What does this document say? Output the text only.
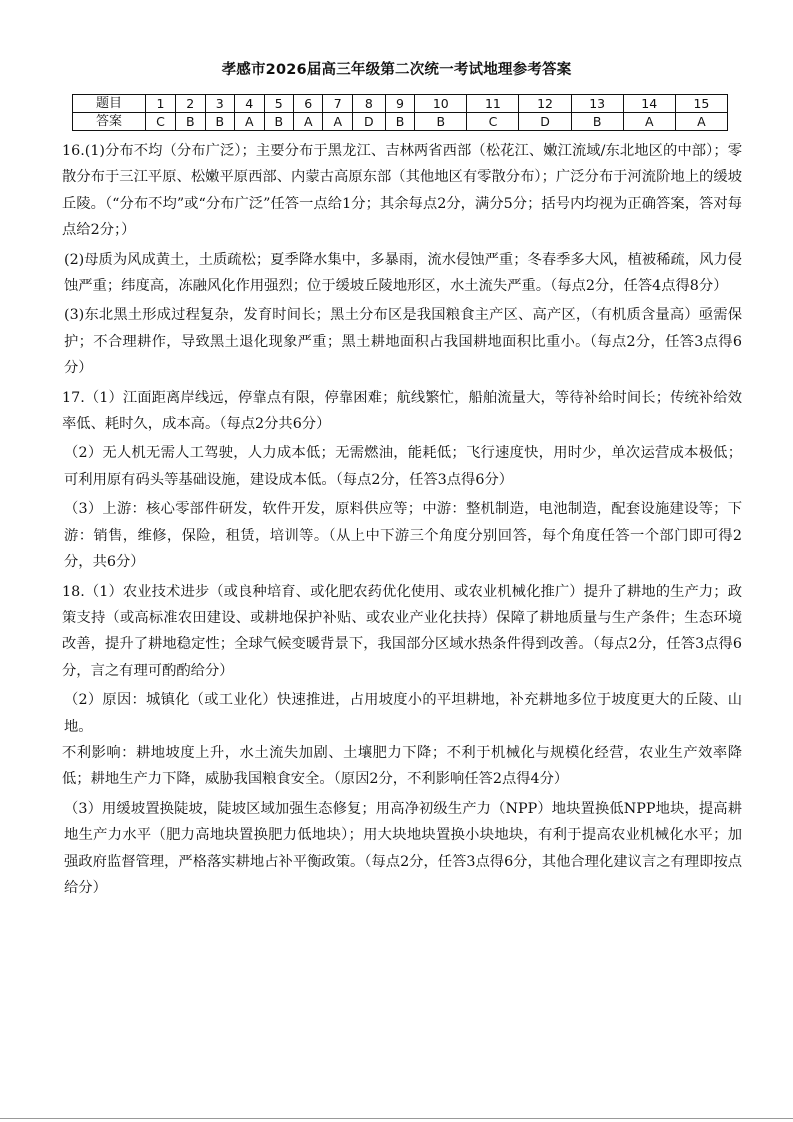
孝感市2026届高三年级第二次统一考试地理参考答案
题目	1	2	3	4	5	6	7	8	9	10	11	12	13	14	15
答案	C	B	B	A	B	A	A	D	B	B	C	D	B	A	A

16.(1)分布不均（分布广泛）；主要分布于黑龙江、吉林两省西部（松花江、嫩江流域/东北地区的中部）；零散分布于三江平原、松嫩平原西部、内蒙古高原东部（其他地区有零散分布）；广泛分布于河流阶地上的缓坡丘陵。（“分布不均”或“分布广泛”任答一点给1分；其余每点2分，满分5分；括号内均视为正确答案，答对每点给2分；）

(2)母质为风成黄土，土质疏松；夏季降水集中，多暴雨，流水侵蚀严重；冬春季多大风，植被稀疏，风力侵蚀严重；纬度高，冻融风化作用强烈；位于缓坡丘陵地形区，水土流失严重。（每点2分，任答4点得8分）

(3)东北黑土形成过程复杂，发育时间长；黑土分布区是我国粮食主产区、高产区，（有机质含量高）亟需保护；不合理耕作，导致黑土退化现象严重；黑土耕地面积占我国耕地面积比重小。（每点2分，任答3点得6分）

17.（1）江面距离岸线远，停靠点有限，停靠困难；航线繁忙，船舶流量大，等待补给时间长；传统补给效率低、耗时久，成本高。（每点2分共6分）

（2）无人机无需人工驾驶，人力成本低；无需燃油，能耗低；飞行速度快，用时少，单次运营成本极低；可利用原有码头等基础设施，建设成本低。（每点2分，任答3点得6分）

（3）上游：核心零部件研发，软件开发，原料供应等；中游：整机制造，电池制造，配套设施建设等；下游：销售，维修，保险，租赁，培训等。（从上中下游三个角度分别回答，每个角度任答一个部门即可得2分，共6分）

18.（1）农业技术进步（或良种培育、或化肥农药优化使用、或农业机械化推广）提升了耕地的生产力；政策支持（或高标准农田建设、或耕地保护补贴、或农业产业化扶持）保障了耕地质量与生产条件；生态环境改善，提升了耕地稳定性；全球气候变暖背景下，我国部分区域水热条件得到改善。（每点2分，任答3点得6分，言之有理可酌酌给分）

（2）原因：城镇化（或工业化）快速推进，占用坡度小的平坦耕地，补充耕地多位于坡度更大的丘陵、山地。

不利影响：耕地坡度上升，水土流失加剧、土壤肥力下降；不利于机械化与规模化经营，农业生产效率降低；耕地生产力下降，威胁我国粮食安全。（原因2分，不利影响任答2点得4分）

（3）用缓坡置换陡坡，陡坡区域加强生态修复；用高净初级生产力（NPP）地块置换低NPP地块，提高耕地生产力水平（肥力高地块置换肥力低地块）；用大块地块置换小块地块，有利于提高农业机械化水平；加强政府监督管理，严格落实耕地占补平衡政策。（每点2分，任答3点得6分，其他合理化建议言之有理即按点给分）
